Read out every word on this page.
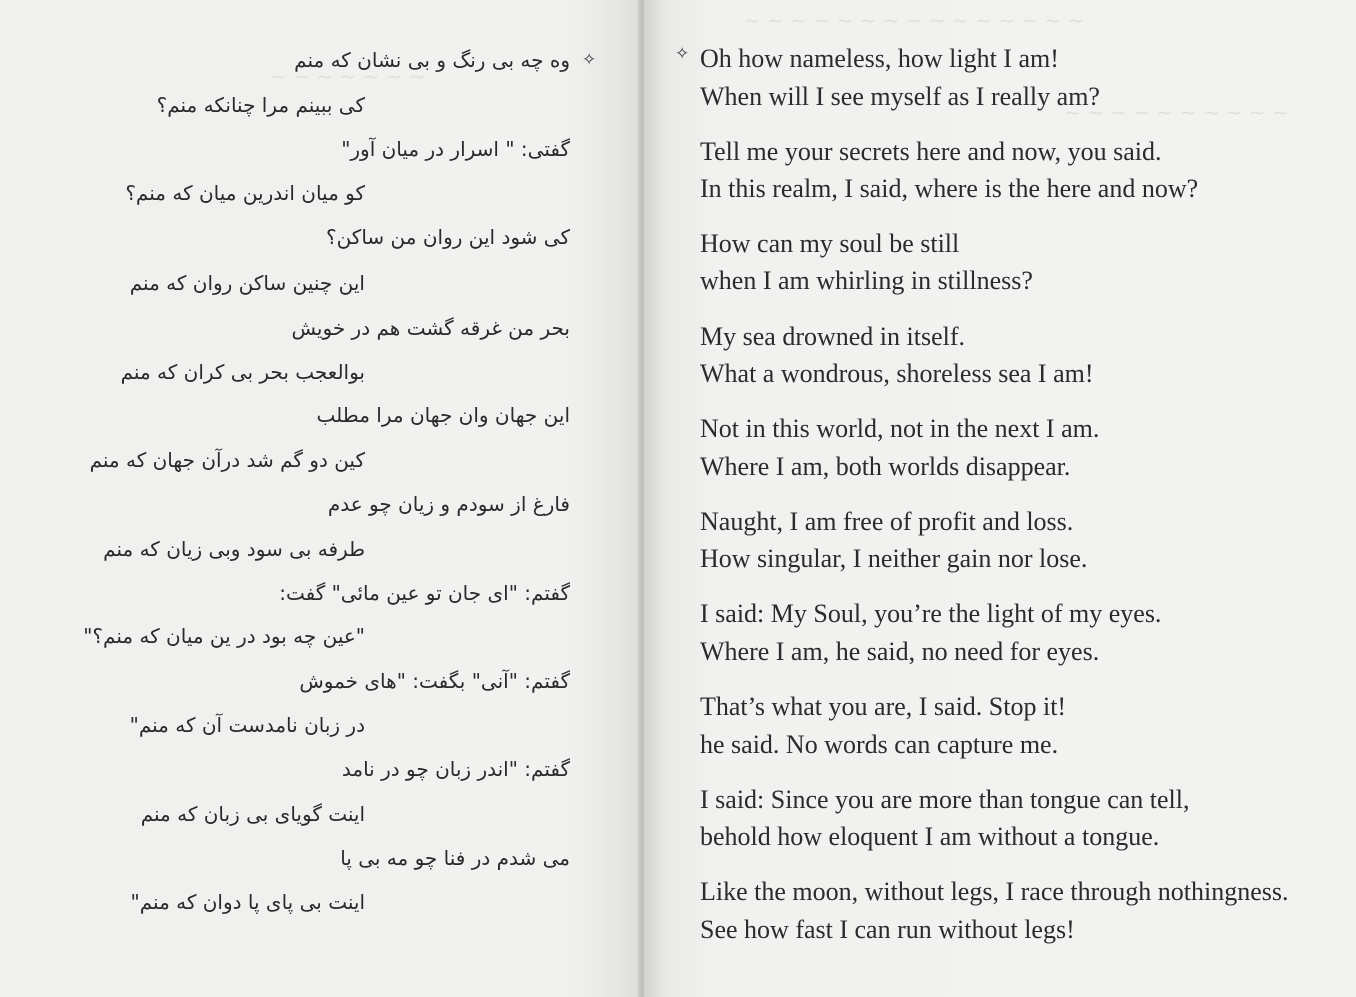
~ ~ ~ ~ ~ ~ ~
✧
وه چه بی رنگ و بی نشان که منم
کی ببینم مرا چنانکه منم؟
گفتی: " اسرار در میان آور"
کو میان اندرین میان که منم؟
کی شود این روان من ساکن؟
این چنین ساکن روان که منم
بحر من غرقه گشت هم در خویش
بوالعجب بحر بی کران که منم
این جهان وان جهان مرا مطلب
کین دو گم شد درآن جهان که منم
فارغ از سودم و زیان چو عدم
طرفه بی سود وبی زیان که منم
گفتم: "ای جان تو عین مائی" گفت:
"عین چه بود در ین میان که منم؟"
گفتم: "آنی" بگفت: "های خموش
در زبان نامدست آن که منم"
گفتم: "اندر زبان چو در نامد
اینت گویای بی زبان که منم
می شدم در فنا چو مه بی پا
اینت بی پای پا دوان که منم"
~ ~ ~ ~ ~ ~ ~ ~ ~ ~ ~ ~ ~ ~ ~
~ ~ ~ ~ ~ ~ ~ ~ ~ ~
✧ Oh how nameless, how light I am!
When will I see myself as I really am?
Tell me your secrets here and now, you said.
In this realm, I said, where is the here and now?
How can my soul be still
when I am whirling in stillness?
My sea drowned in itself.
What a wondrous, shoreless sea I am!
Not in this world, not in the next I am.
Where I am, both worlds disappear.
Naught, I am free of profit and loss.
How singular, I neither gain nor lose.
I said: My Soul, you’re the light of my eyes.
Where I am, he said, no need for eyes.
That’s what you are, I said. Stop it!
he said. No words can capture me.
I said: Since you are more than tongue can tell,
behold how eloquent I am without a tongue.
Like the moon, without legs, I race through nothingness.
See how fast I can run without legs!
